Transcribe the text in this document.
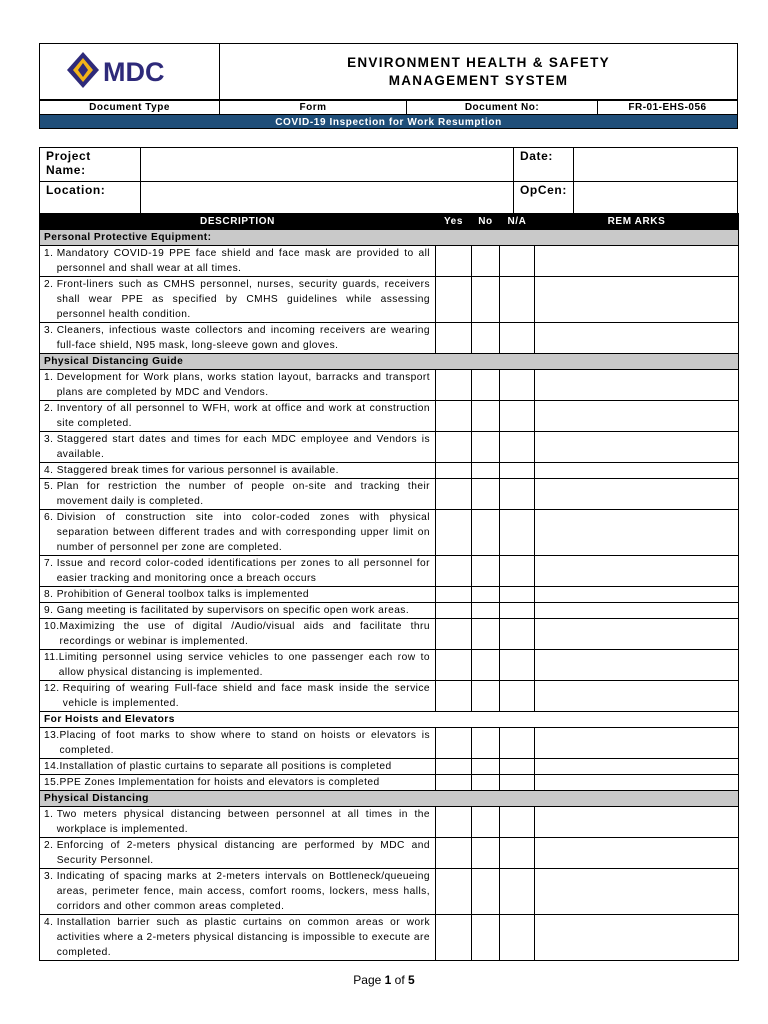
MDC	ENVIRONMENT HEALTH & SAFETY
MANAGEMENT SYSTEM
Document Type	Form	Document No:	FR-01-EHS-056
COVID-19 Inspection for Work Resumption
Project Name:		Date:	
Location:		OpCen:	
DESCRIPTION	Yes	No	N/A	REM ARKS
Personal Protective Equipment:				

1. Mandatory COVID-19 PPE face shield and face mask are provided to all personnel and shall wear at all times.				

2. Front-liners such as CMHS personnel, nurses, security guards, receivers shall wear PPE as specified by CMHS guidelines while assessing personnel health condition.				

3. Cleaners, infectious waste collectors and incoming receivers are wearing full-face shield, N95 mask, long-sleeve gown and gloves.				

Physical Distancing Guide				

1. Development for Work plans, works station layout, barracks and transport plans are completed by MDC and Vendors.				

2. Inventory of all personnel to WFH, work at office and work at construction site completed.				

3. Staggered start dates and times for each MDC employee and Vendors is available.				

4. Staggered break times for various personnel is available.				

5. Plan for restriction the number of people on-site and tracking their movement daily is completed.				

6. Division of construction site into color-coded zones with physical separation between different trades and with corresponding upper limit on number of personnel per zone are completed.				

7. Issue and record color-coded identifications per zones to all personnel for easier tracking and monitoring once a breach occurs				

8. Prohibition of General toolbox talks is implemented				

9. Gang meeting is facilitated by supervisors on specific open work areas.				

10. Maximizing the use of digital /Audio/visual aids and facilitate thru recordings or webinar is implemented.				

11. Limiting personnel using service vehicles to one passenger each row to allow physical distancing is implemented.				

12. Requiring of wearing Full-face shield and face mask inside the service vehicle is implemented.				

For Hoists and Elevators				

13. Placing of foot marks to show where to stand on hoists or elevators is completed.				

14. Installation of plastic curtains to separate all positions is completed				

15. PPE Zones Implementation for hoists and elevators is completed				

Physical Distancing				

1. Two meters physical distancing between personnel at all times in the workplace is implemented.				

2. Enforcing of 2-meters physical distancing are performed by MDC and Security Personnel.				

3. Indicating of spacing marks at 2-meters intervals on Bottleneck/queueing areas, perimeter fence, main access, comfort rooms, lockers, mess halls, corridors and other common areas completed.				

4. Installation barrier such as plastic curtains on common areas or work activities where a 2-meters physical distancing is impossible to execute are completed.				

Page 1 of 5
